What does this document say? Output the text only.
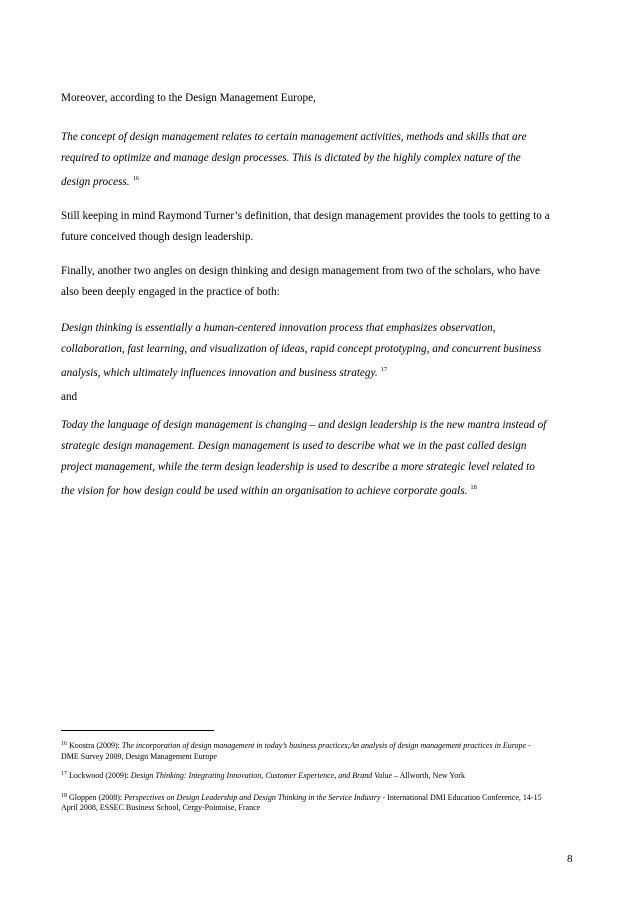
Moreover, according to the Design Management Europe,
The concept of design management relates to certain management activities, methods and skills that are
required to optimize and manage design processes. This is dictated by the highly complex nature of the
design process. $^{16}$
Still keeping in mind Raymond Turner’s definition, that design management provides the tools to getting to a
future conceived though design leadership.
Finally, another two angles on design thinking and design management from two of the scholars, who have
also been deeply engaged in the practice of both:
Design thinking is essentially a human-centered innovation process that emphasizes observation,
collaboration, fast learning, and visualization of ideas, rapid concept prototyping, and concurrent business
analysis, which ultimately influences innovation and business strategy. $^{17}$
and
Today the language of design management is changing – and design leadership is the new mantra instead of
strategic design management. Design management is used to describe what we in the past called design
project management, while the term design leadership is used to describe a more strategic level related to
the vision for how design could be used within an organisation to achieve corporate goals. $^{18}$
$^{16}$ Koostra (2009): The incorporation of design management in today’s business practices;An analysis of design management practices in Europe -
DME Survey 2009, Design Management Europe
$^{17}$ Lockwood (2009): Design Thinking: Integrating Innovation, Customer Experience, and Brand Value – Allworth, New York
$^{18}$ Gloppen (2008): Perspectives on Design Leadership and Design Thinking in the Service Industry - International DMI Education Conference, 14-15
April 2008, ESSEC Business School, Cergy-Pointoise, France
8
